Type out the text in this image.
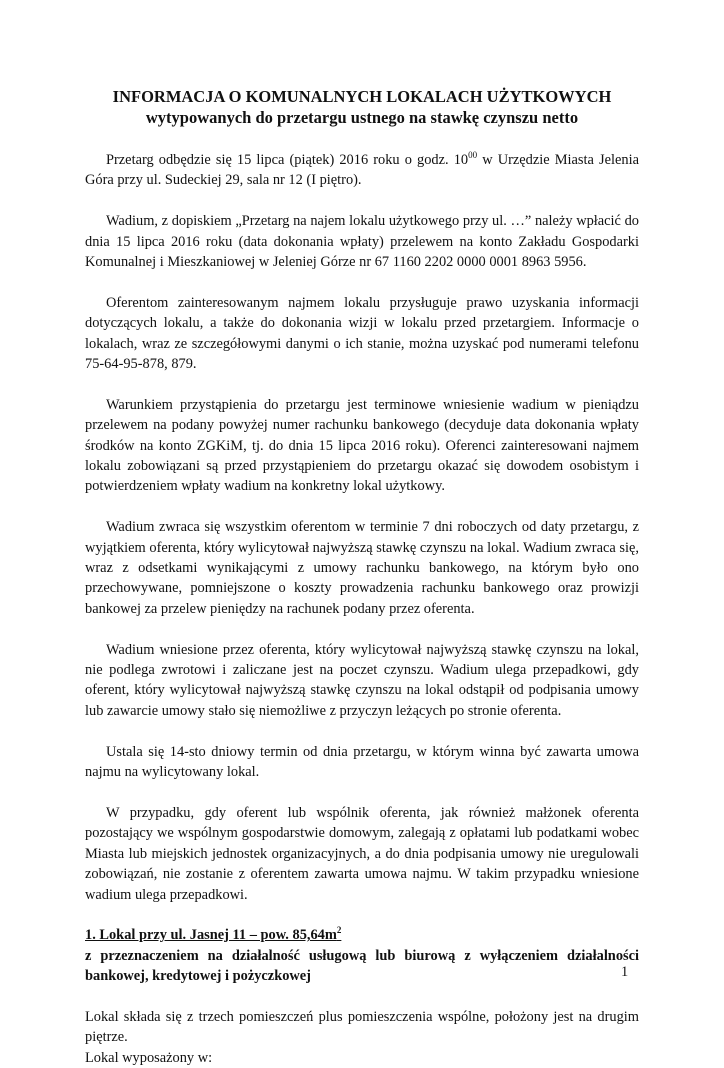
INFORMACJA O KOMUNALNYCH LOKALACH UŻYTKOWYCH
wytypowanych do przetargu ustnego na stawkę czynszu netto

Przetarg odbędzie się 15 lipca (piątek) 2016 roku o godz. $10^{00}$ w Urzędzie Miasta Jelenia Góra przy ul. Sudeckiej 29, sala nr 12 (I piętro).

Wadium, z dopiskiem „Przetarg na najem lokalu użytkowego przy ul. …” należy wpłacić do dnia 15 lipca 2016 roku (data dokonania wpłaty) przelewem na konto Zakładu Gospodarki Komunalnej i Mieszkaniowej w Jeleniej Górze nr 67 1160 2202 0000 0001 8963 5956.

Oferentom zainteresowanym najmem lokalu przysługuje prawo uzyskania informacji dotyczących lokalu, a także do dokonania wizji w lokalu przed przetargiem. Informacje o lokalach, wraz ze szczegółowymi danymi o ich stanie, można uzyskać pod numerami telefonu 75-64-95-878, 879.

Warunkiem przystąpienia do przetargu jest terminowe wniesienie wadium w pieniądzu przelewem na podany powyżej numer rachunku bankowego (decyduje data dokonania wpłaty środków na konto ZGKiM, tj. do dnia 15 lipca 2016 roku). Oferenci zainteresowani najmem lokalu zobowiązani są przed przystąpieniem do przetargu okazać się dowodem osobistym i potwierdzeniem wpłaty wadium na konkretny lokal użytkowy.

Wadium zwraca się wszystkim oferentom w terminie 7 dni roboczych od daty przetargu, z wyjątkiem oferenta, który wylicytował najwyższą stawkę czynszu na lokal. Wadium zwraca się, wraz z odsetkami wynikającymi z umowy rachunku bankowego, na którym było ono przechowywane, pomniejszone o koszty prowadzenia rachunku bankowego oraz prowizji bankowej za przelew pieniędzy na rachunek podany przez oferenta.

Wadium wniesione przez oferenta, który wylicytował najwyższą stawkę czynszu na lokal, nie podlega zwrotowi i zaliczane jest na poczet czynszu. Wadium ulega przepadkowi, gdy oferent, który wylicytował najwyższą stawkę czynszu na lokal odstąpił od podpisania umowy lub zawarcie umowy stało się niemożliwe z przyczyn leżących po stronie oferenta.

Ustala się 14-sto dniowy termin od dnia przetargu, w którym winna być zawarta umowa najmu na wylicytowany lokal.

W przypadku, gdy oferent lub wspólnik oferenta, jak również małżonek oferenta pozostający we wspólnym gospodarstwie domowym, zalegają z opłatami lub podatkami wobec Miasta lub miejskich jednostek organizacyjnych, a do dnia podpisania umowy nie uregulowali zobowiązań, nie zostanie z oferentem zawarta umowa najmu. W takim przypadku wniesione wadium ulega przepadkowi.

1. Lokal przy ul. Jasnej 11 – pow. $85,64m^2$
z przeznaczeniem na działalność usługową lub biurową z wyłączeniem działalności bankowej, kredytowej i pożyczkowej

Lokal składa się z trzech pomieszczeń plus pomieszczenia wspólne, położony jest na drugim piętrze.

Lokal wyposażony w:

1
